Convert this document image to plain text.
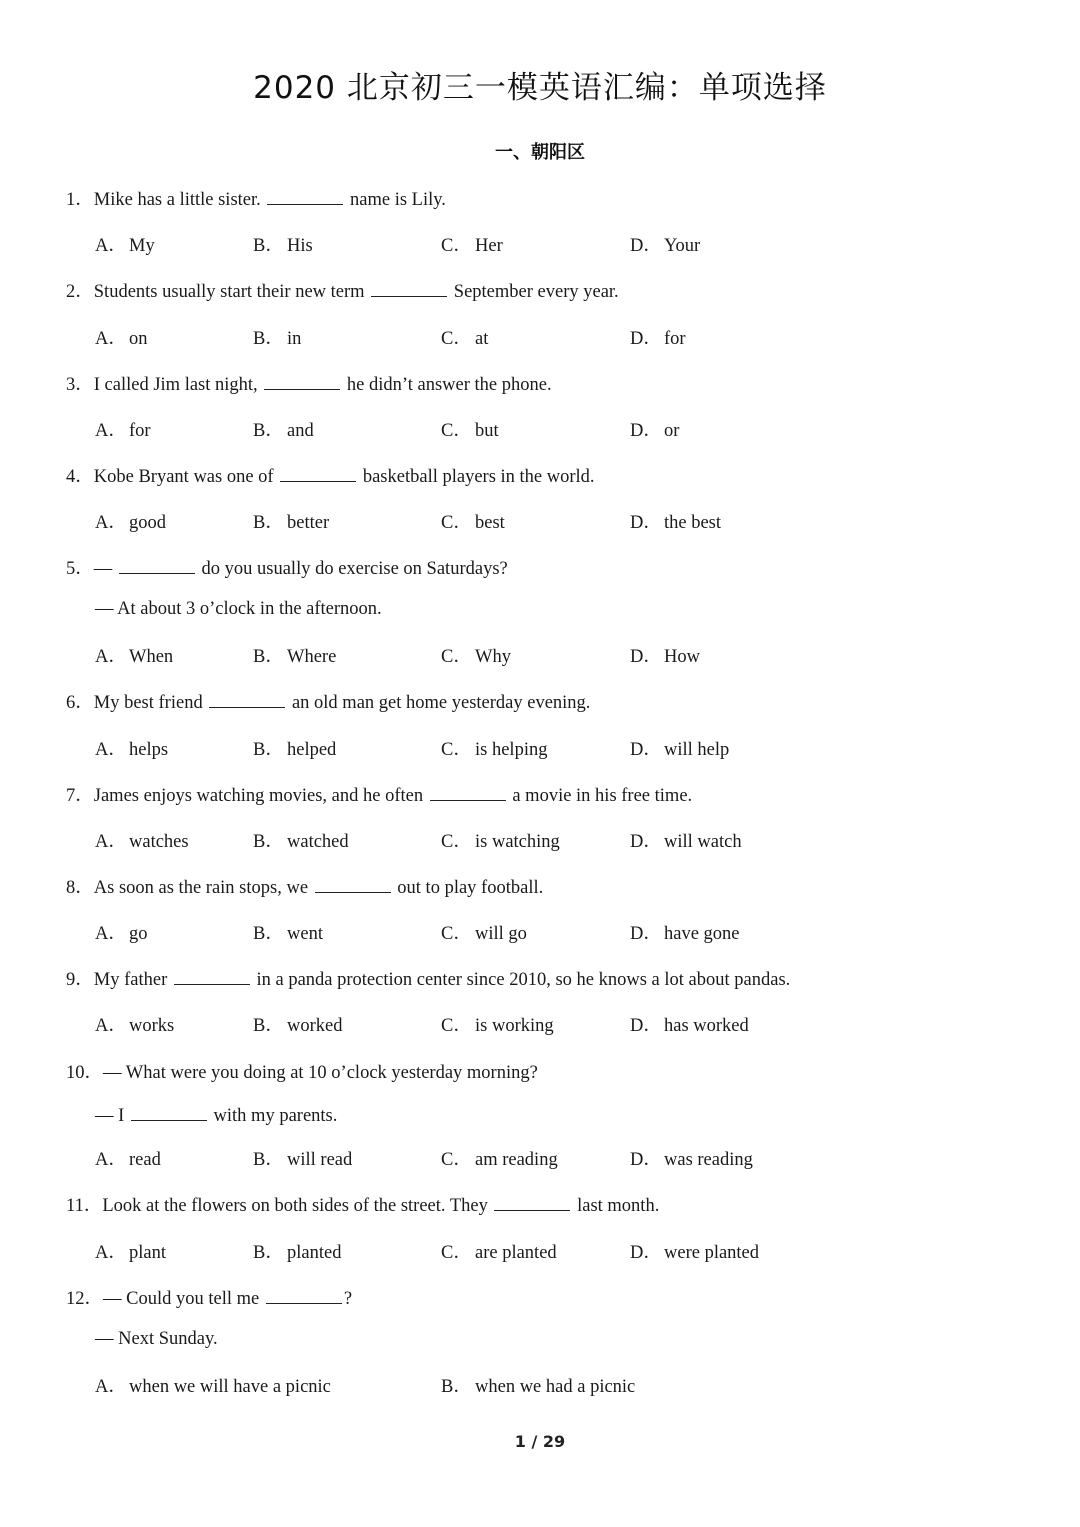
2020 北京初三一模英语汇编：单项选择
一、朝阳区
1．Mike has a little sister.	name is Lily.
A． My	B． His	C． Her	D． Your
2．Students usually start their new term	September every year.
A． on	B． in	C． at	D． for
3．I called Jim last night,	he didn’t answer the phone.
A． for	B． and	C． but	D． or
4．Kobe Bryant was one of	basketball players in the world.
A． good	B． better	C． best	D． the best
5．—	do you usually do exercise on Saturdays?
— At about 3 o’clock in the afternoon.
A． When	B． Where	C． Why	D． How
6．My best friend	an old man get home yesterday evening.
A． helps	B． helped	C． is helping	D． will help
7．James enjoys watching movies, and he often	a movie in his free time.
A． watches	B． watched	C． is watching	D． will watch
8．As soon as the rain stops, we	out to play football.
A． go	B． went	C． will go	D． have gone
9．My father	in a panda protection center since 2010, so he knows a lot about pandas.
A． works	B． worked	C． is working	D． has worked
10．— What were you doing at 10 o’clock yesterday morning?
— I	with my parents.
A． read	B． will read	C． am reading	D． was reading
11．Look at the flowers on both sides of the street. They	last month.
A． plant	B． planted	C． are planted	D． were planted
12．— Could you tell me	?
— Next Sunday.
A． when we will have a picnic	B． when we had a picnic
1 / 29
